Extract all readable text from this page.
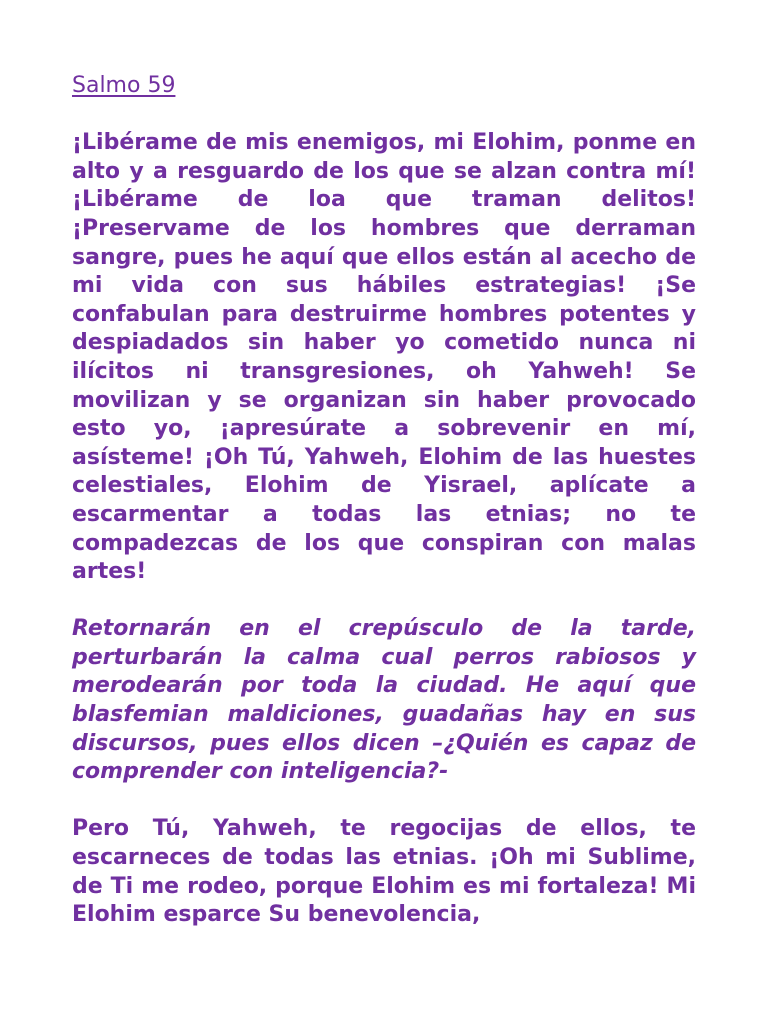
Salmo 59

¡Libérame de mis enemigos, mi Elohim, ponme en alto y a resguardo de los que se alzan contra mí! ¡Libérame de loa que traman delitos! ¡Preservame de los hombres que derraman sangre, pues he aquí que ellos están al acecho de mi vida con sus hábiles estrategias! ¡Se confabulan para destruirme hombres potentes y despiadados sin haber yo cometido nunca ni ilícitos ni transgresiones, oh Yahweh! Se movilizan y se organizan sin haber provocado esto yo, ¡apresúrate a sobrevenir en mí, asísteme! ¡Oh Tú, Yahweh, Elohim de las huestes celestiales, Elohim de Yisrael, aplícate a escarmentar a todas las etnias; no te compadezcas de los que conspiran con malas artes!

Retornarán en el crepúsculo de la tarde, perturbarán la calma cual perros rabiosos y merodearán por toda la ciudad. He aquí que blasfemian maldiciones, guadañas hay en sus discursos, pues ellos dicen –¿Quién es capaz de comprender con inteligencia?-

Pero Tú, Yahweh, te regocijas de ellos, te escarneces de todas las etnias. ¡Oh mi Sublime, de Ti me rodeo, porque Elohim es mi fortaleza! Mi Elohim esparce Su benevolencia,
